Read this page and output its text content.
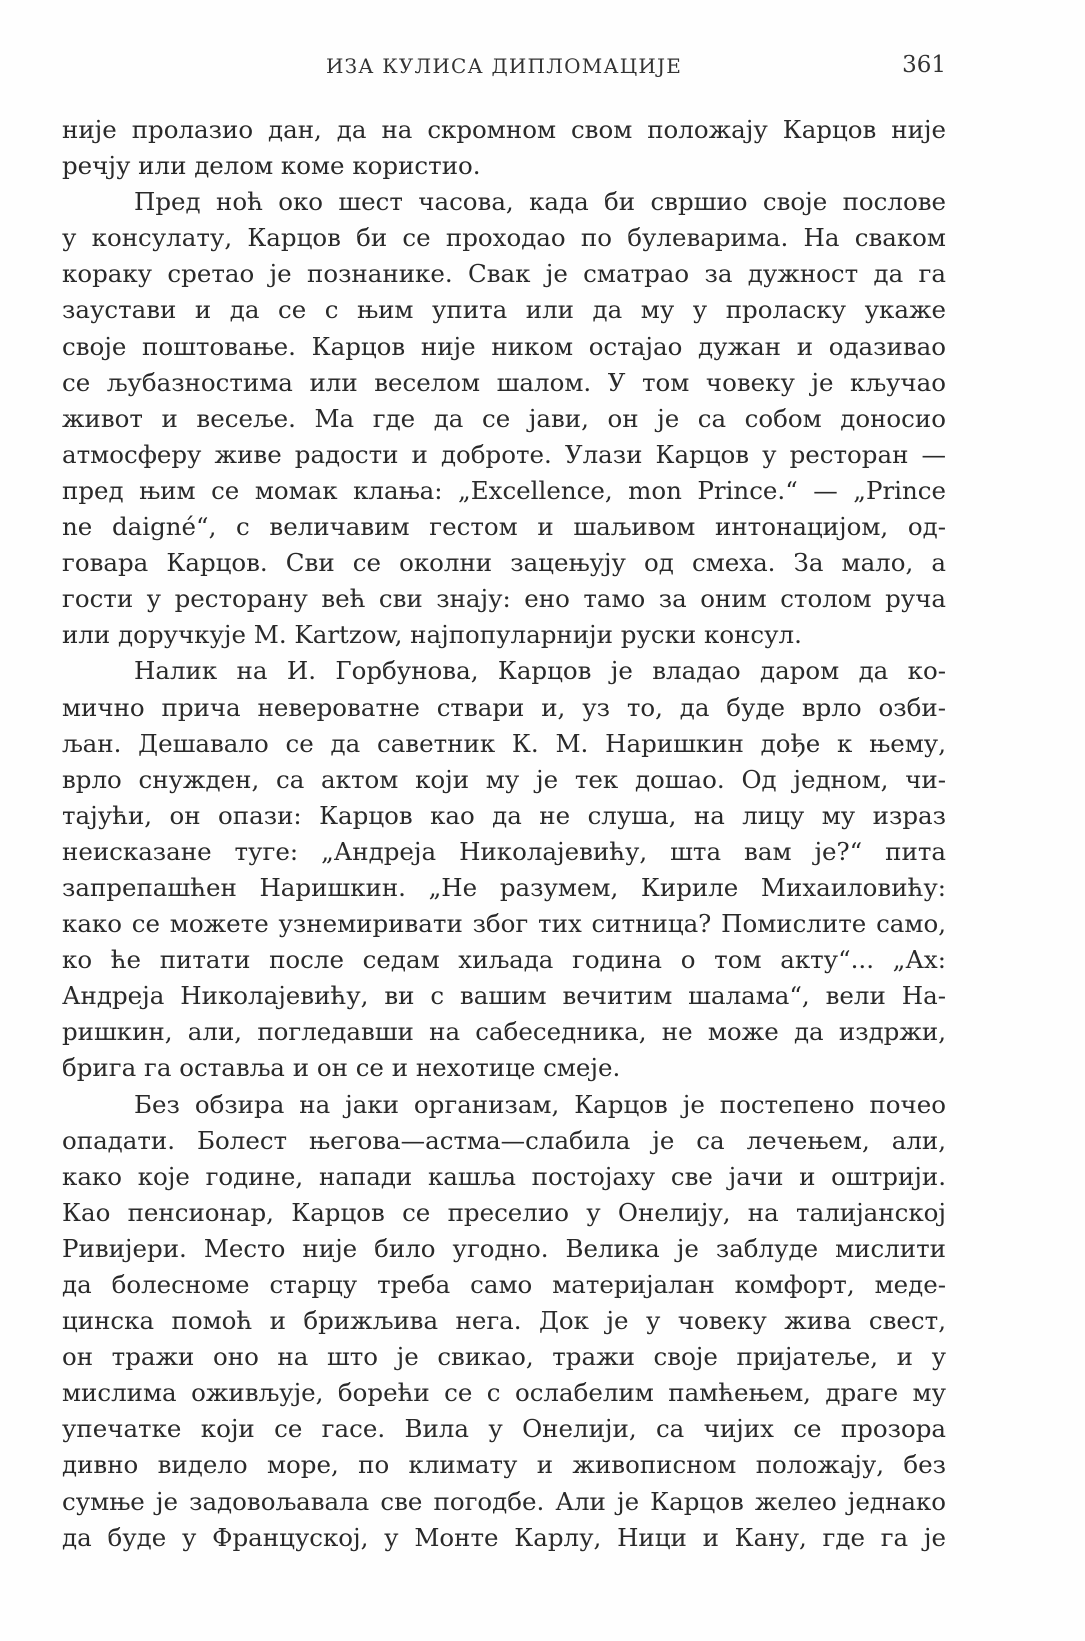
ИЗА КУЛИСА ДИПЛОМАЦИЈЕ	361
није пролазио дан, да на скромном свом положају Карцов није
речју или делом коме користио.
Пред ноћ око шест часова, када би свршио своје послове
у консулату, Карцов би се проходао по булеварима. На сваком
кораку сретао је познанике. Свак је сматрао за дужност да га
заустави и да се с њим упита или да му у проласку укаже
своје поштовање. Карцов није ником остајао дужан и одазивао
се љубазностима или веселом шалом. У том човеку је кључао
живот и весеље. Ма где да се јави, он је са собом доносио
атмосферу живе радости и доброте. Улази Карцов у ресторан —
пред њим се момак клања: „Excellence, mon Prince.“ — „Prince
ne daigné“, с величавим гестом и шаљивом интонацијом, од-
говара Карцов. Сви се околни зацењују од смеха. За мало, а
гости у ресторану већ сви знају: ено тамо за оним столом руча
или доручкује М. Kartzow, најпопуларнији руски консул.
Налик на И. Горбунова, Карцов је владао даром да ко-
мично прича невероватне ствари и, уз то, да буде врло озби-
љан. Дешавало се да саветник К. М. Наришкин дође к њему,
врло снужден, са актом који му је тек дошао. Од једном, чи-
тајући, он опази: Карцов као да не слуша, на лицу му израз
неисказане туге: „Андреја Николајевићу, шта вам је?“ пита
запрепашћен Наришкин. „Не разумем, Кириле Михаиловићу:
како се можете узнемиривати због тих ситница? Помислите само,
ко ће питати после седам хиљада година о том акту“... „Ах:
Андреја Николајевићу, ви с вашим вечитим шалама“, вели На-
ришкин, али, погледавши на сабеседника, не може да издржи,
брига га оставља и он се и нехотице смеје.
Без обзира на јаки организам, Карцов је постепено почео
опадати. Болест његова—астма—слабила је са лечењем, али,
како које године, напади кашља постојаху све јачи и оштрији.
Као пенсионар, Карцов се преселио у Онелију, на талијанској
Ривијери. Место није било угодно. Велика је заблуде мислити
да болесноме старцу треба само материјалан комфорт, меде-
цинска помоћ и брижљива нега. Док је у човеку жива свест,
он тражи оно на што је свикао, тражи своје пријатеље, и у
мислима оживљује, борећи се с ослабелим памћењем, драге му
упечатке који се гасе. Вила у Онелији, са чијих се прозора
дивно видело море, по климату и живописном положају, без
сумње је задовољавала све погодбе. Али је Карцов желео једнако
да буде у Француској, у Монте Карлу, Ници и Кану, где га је
